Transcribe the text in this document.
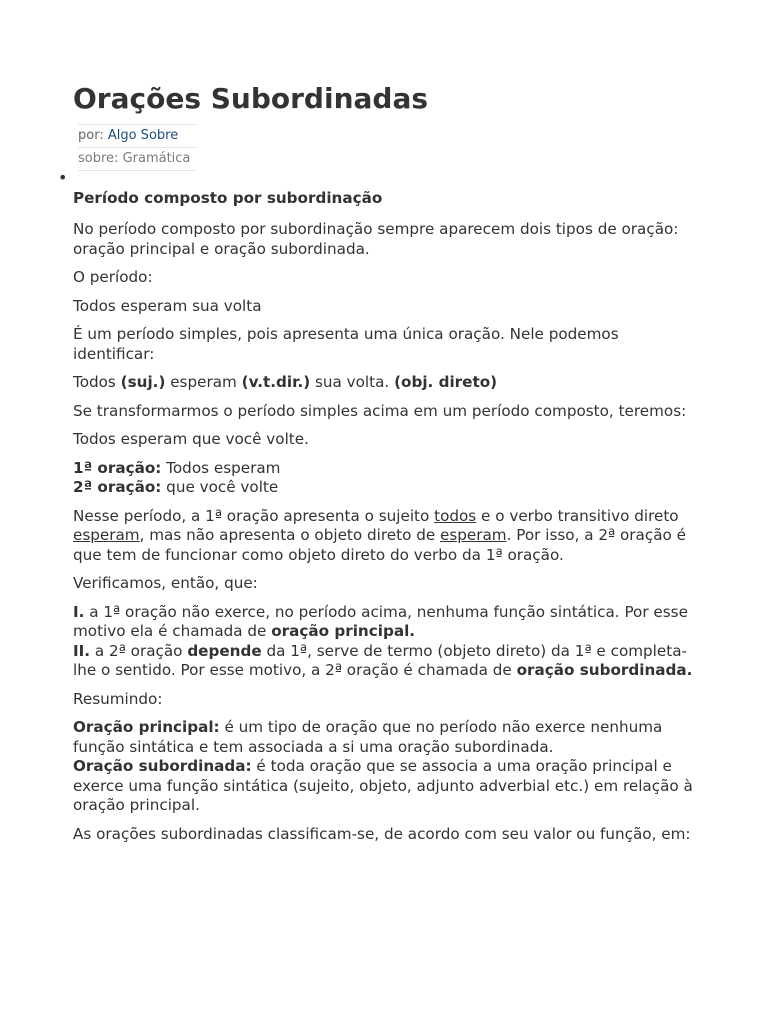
Orações Subordinadas
por: Algo Sobre
sobre: Gramática
•
Período composto por subordinação

No período composto por subordinação sempre aparecem dois tipos de oração: oração principal e oração subordinada.

O período:

Todos esperam sua volta

É um período simples, pois apresenta uma única oração. Nele podemos identificar:

Todos (suj.) esperam (v.t.dir.) sua volta. (obj. direto)

Se transformarmos o período simples acima em um período composto, teremos:

Todos esperam que você volte.

1ª oração: Todos esperam
2ª oração: que você volte

Nesse período, a 1ª oração apresenta o sujeito todos e o verbo transitivo direto esperam, mas não apresenta o objeto direto de esperam. Por isso, a 2ª oração é que tem de funcionar como objeto direto do verbo da 1ª oração.

Verificamos, então, que:

I. a 1ª oração não exerce, no período acima, nenhuma função sintática. Por esse motivo ela é chamada de oração principal.
II. a 2ª oração depende da 1ª, serve de termo (objeto direto) da 1ª e completa-lhe o sentido. Por esse motivo, a 2ª oração é chamada de oração subordinada.

Resumindo:

Oração principal: é um tipo de oração que no período não exerce nenhuma função sintática e tem associada a si uma oração subordinada.
Oração subordinada: é toda oração que se associa a uma oração principal e exerce uma função sintática (sujeito, objeto, adjunto adverbial etc.) em relação à oração principal.

As orações subordinadas classificam-se, de acordo com seu valor ou função, em:
